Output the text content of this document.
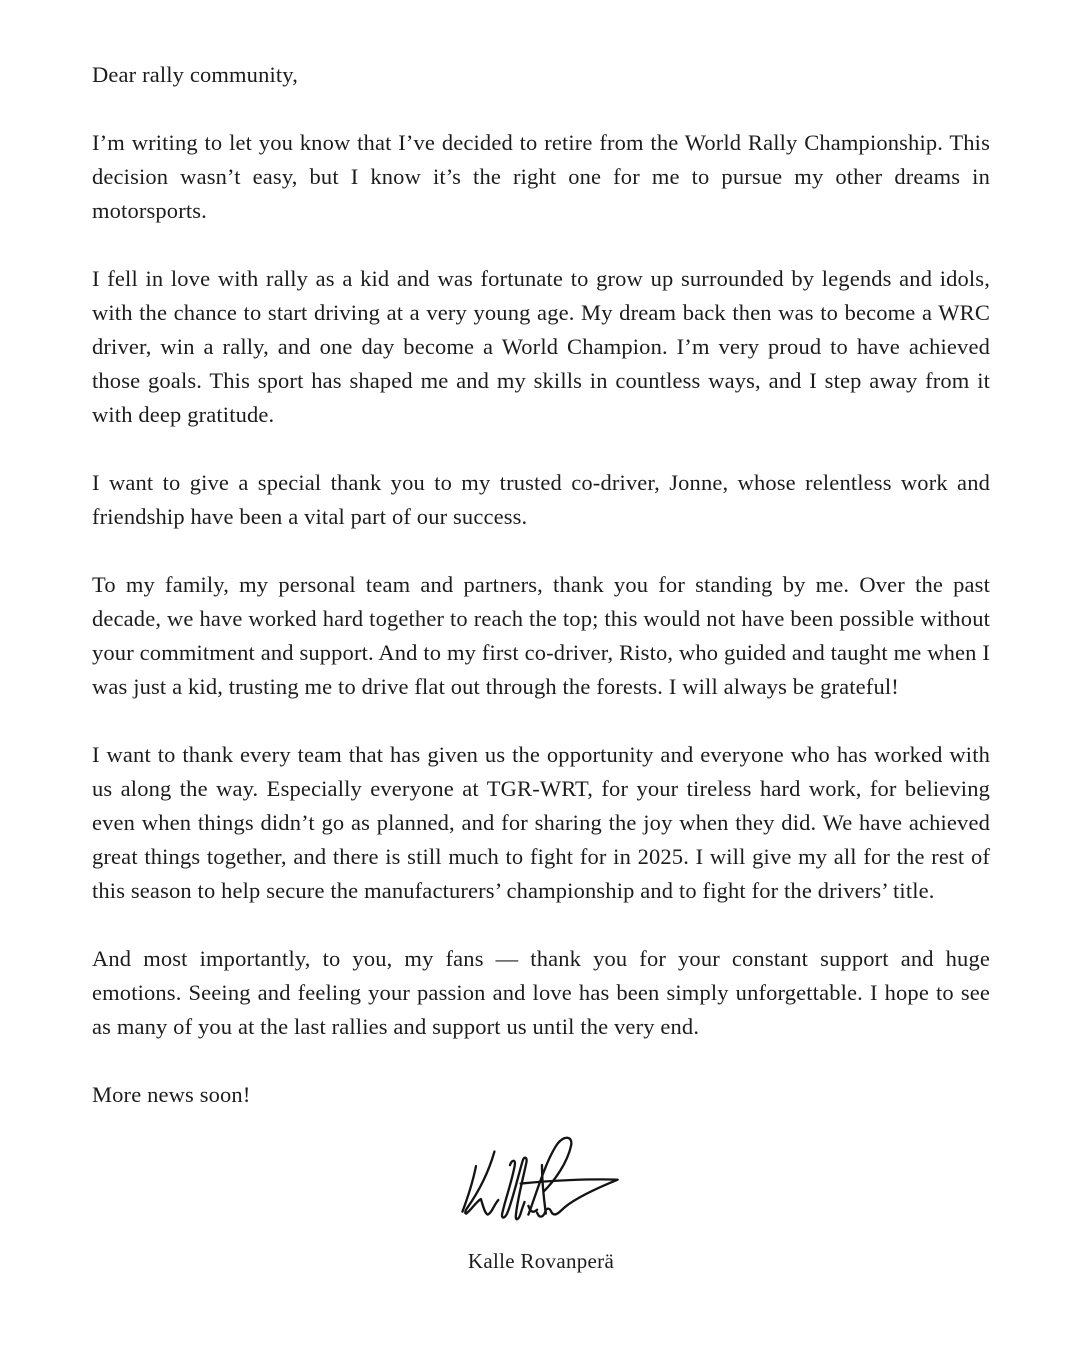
Dear rally community,

I’m writing to let you know that I’ve decided to retire from the World Rally Championship. This decision wasn’t easy, but I know it’s the right one for me to pursue my other dreams in motorsports.

I fell in love with rally as a kid and was fortunate to grow up surrounded by legends and idols, with the chance to start driving at a very young age. My dream back then was to become a WRC driver, win a rally, and one day become a World Champion. I’m very proud to have achieved those goals. This sport has shaped me and my skills in countless ways, and I step away from it with deep gratitude.

I want to give a special thank you to my trusted co-driver, Jonne, whose relentless work and friendship have been a vital part of our success.

To my family, my personal team and partners, thank you for standing by me. Over the past decade, we have worked hard together to reach the top; this would not have been possible without your commitment and support. And to my first co-driver, Risto, who guided and taught me when I was just a kid, trusting me to drive flat out through the forests. I will always be grateful!

I want to thank every team that has given us the opportunity and everyone who has worked with us along the way. Especially everyone at TGR-WRT, for your tireless hard work, for believing even when things didn’t go as planned, and for sharing the joy when they did. We have achieved great things together, and there is still much to fight for in 2025. I will give my all for the rest of this season to help secure the manufacturers’ championship and to fight for the drivers’ title.

And most importantly, to you, my fans — thank you for your constant support and huge emotions. Seeing and feeling your passion and love has been simply unforgettable. I hope to see as many of you at the last rallies and support us until the very end.

More news soon!

Kalle Rovanperä
